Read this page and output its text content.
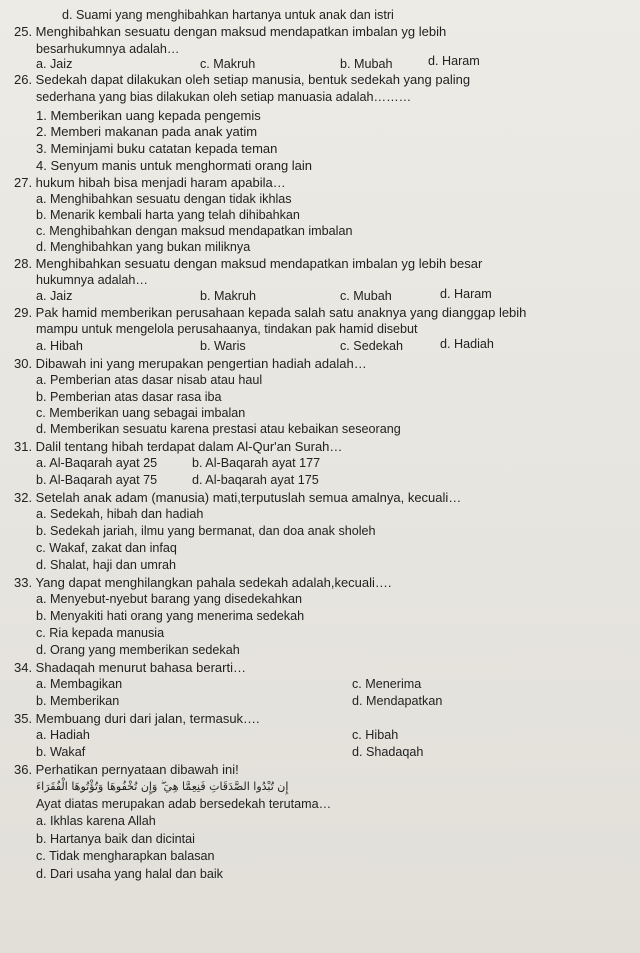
d. Suami yang menghibahkan hartanya untuk anak dan istri
25. Menghibahkan sesuatu dengan maksud mendapatkan imbalan yg lebih
besarhukumnya adalah…
a. Jaiz	c. Makruh	b. Mubah	d. Haram
26. Sedekah dapat dilakukan oleh setiap manusia, bentuk sedekah yang paling
sederhana yang bias dilakukan oleh setiap manuasia adalah………
1. Memberikan uang kepada pengemis
2. Memberi makanan pada anak yatim
3. Meminjami buku catatan kepada teman
4. Senyum manis untuk menghormati orang lain
27. hukum hibah bisa menjadi haram apabila…
a. Menghibahkan sesuatu dengan tidak ikhlas
b. Menarik kembali harta yang telah dihibahkan
c. Menghibahkan dengan maksud mendapatkan imbalan
d. Menghibahkan yang bukan miliknya
28. Menghibahkan sesuatu dengan maksud mendapatkan imbalan yg lebih besar
hukumnya adalah…
a. Jaiz	b. Makruh	c. Mubah	d. Haram
29. Pak hamid memberikan perusahaan kepada salah satu anaknya yang dianggap lebih
mampu untuk mengelola perusahaanya, tindakan pak hamid disebut
a. Hibah	b. Waris	c. Sedekah	d. Hadiah
30. Dibawah ini yang merupakan pengertian hadiah adalah…
a. Pemberian atas dasar nisab atau haul
b. Pemberian atas dasar rasa iba
c. Memberikan uang sebagai imbalan
d. Memberikan sesuatu karena prestasi atau kebaikan seseorang
31. Dalil tentang hibah terdapat dalam Al-Qur'an Surah…
a. Al-Baqarah ayat 25	b. Al-Baqarah ayat 177
b. Al-Baqarah ayat 75	d. Al-baqarah ayat 175
32. Setelah anak adam (manusia) mati,terputuslah semua amalnya, kecuali…
a. Sedekah, hibah dan hadiah
b. Sedekah jariah, ilmu yang bermanat, dan doa anak sholeh
c. Wakaf, zakat dan infaq
d. Shalat, haji dan umrah
33. Yang dapat menghilangkan pahala sedekah adalah,kecuali….
a. Menyebut-nyebut barang yang disedekahkan
b. Menyakiti hati orang yang menerima sedekah
c. Ria kepada manusia
d. Orang yang memberikan sedekah
34. Shadaqah menurut bahasa berarti…
a. Membagikan	c. Menerima
b. Memberikan	d. Mendapatkan
35. Membuang duri dari jalan, termasuk….
a. Hadiah	c. Hibah
b. Wakaf	d. Shadaqah
36. Perhatikan pernyataan dibawah ini!
Ayat diatas merupakan adab bersedekah terutama…
a. Ikhlas karena Allah
b. Hartanya baik dan dicintai
c. Tidak mengharapkan balasan
d. Dari usaha yang halal dan baik
إِن تُبْدُوا الصَّدَقَاتِ فَنِعِمَّا هِيَ ۖ وَإِن تُخْفُوهَا وَتُؤْتُوهَا الْفُقَرَاءَ
